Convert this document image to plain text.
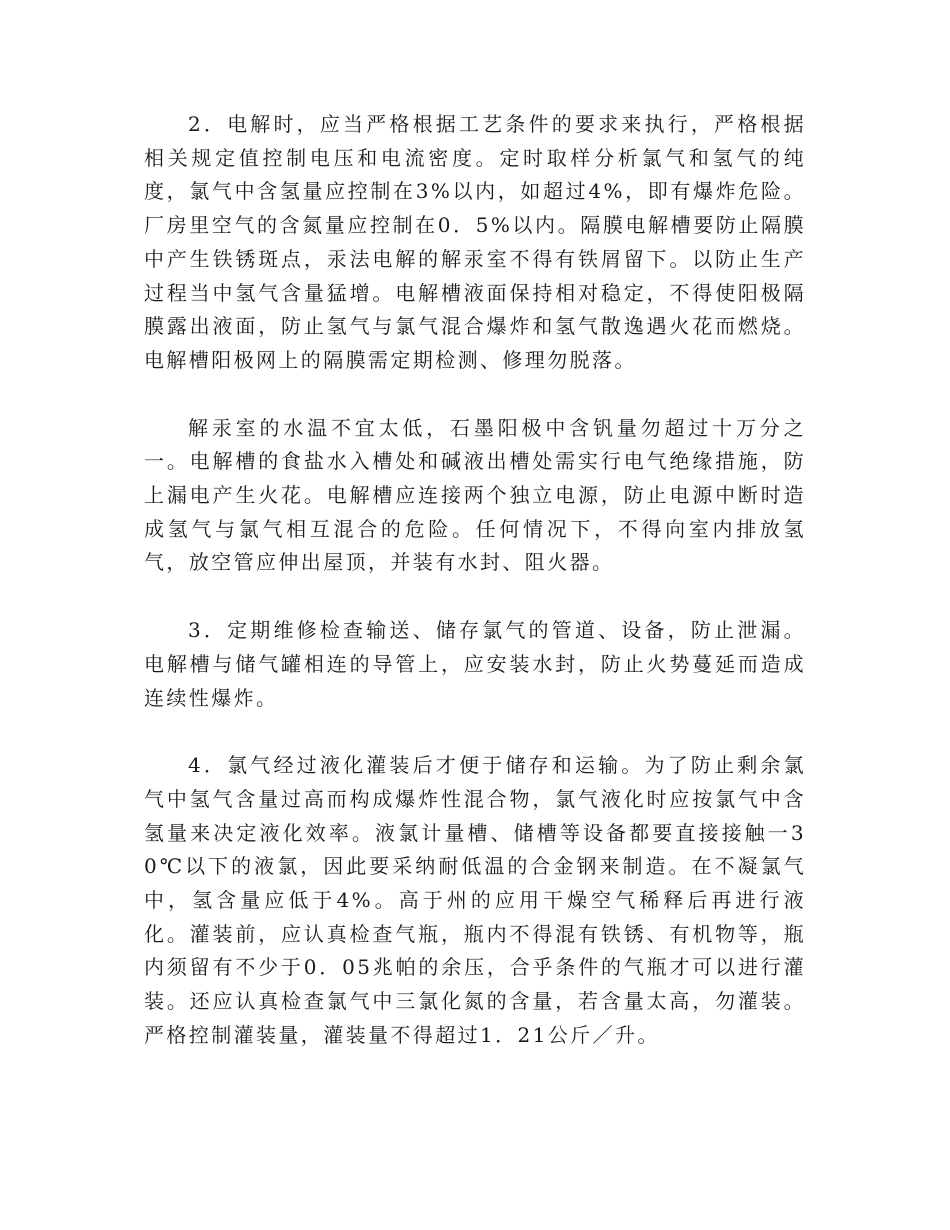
2．电解时，应当严格根据工艺条件的要求来执行，严格根据相关规定值控制电压和电流密度。定时取样分析氯气和氢气的纯度，氯气中含氢量应控制在3%以内，如超过4%，即有爆炸危险。厂房里空气的含氮量应控制在0．5%以内。隔膜电解槽要防止隔膜中产生铁锈斑点，汞法电解的解汞室不得有铁屑留下。以防止生产过程当中氢气含量猛增。电解槽液面保持相对稳定，不得使阳极隔膜露出液面，防止氢气与氯气混合爆炸和氢气散逸遇火花而燃烧。电解槽阳极网上的隔膜需定期检测、修理勿脱落。

解汞室的水温不宜太低，石墨阳极中含钒量勿超过十万分之一。电解槽的食盐水入槽处和碱液出槽处需实行电气绝缘措施，防上漏电产生火花。电解槽应连接两个独立电源，防止电源中断时造成氢气与氯气相互混合的危险。任何情况下，不得向室内排放氢气，放空管应伸出屋顶，并装有水封、阻火器。

3．定期维修检查输送、储存氯气的管道、设备，防止泄漏。电解槽与储气罐相连的导管上，应安装水封，防止火势蔓延而造成连续性爆炸。

4．氯气经过液化灌装后才便于储存和运输。为了防止剩余氯气中氢气含量过高而构成爆炸性混合物，氯气液化时应按氯气中含氢量来决定液化效率。液氯计量槽、储槽等设备都要直接接触一30℃以下的液氯，因此要采纳耐低温的合金钢来制造。在不凝氯气中，氢含量应低于4%。高于州的应用干燥空气稀释后再进行液化。灌装前，应认真检查气瓶，瓶内不得混有铁锈、有机物等，瓶内须留有不少于0．05兆帕的余压，合乎条件的气瓶才可以进行灌装。还应认真检查氯气中三氯化氮的含量，若含量太高，勿灌装。严格控制灌装量，灌装量不得超过1．21公斤／升。
